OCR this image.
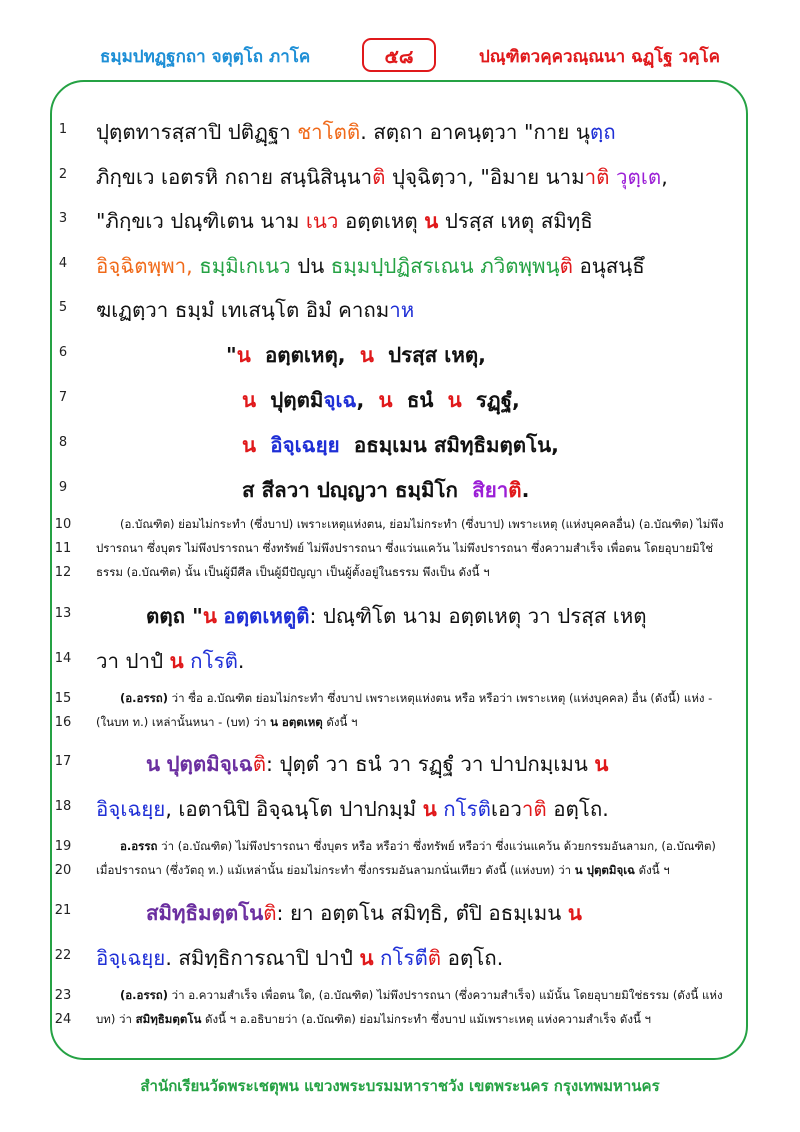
ธมฺมปทฏฺฐกถา จตุตฺโถ ภาโค	๕๘	ปณฺฑิตวคฺควณฺณนา ฉฏฺโฐ วคฺโค
1
2
3
4
5
6
7
8
9
10
11
12
13
14
15
16
17
18
19
20
21
22
23
24
ปุตฺตทารสฺสาปิ ปติฏฺฐา ชาโตติ. สตฺถา อาคนฺตฺวา "กาย นุตฺถ
ภิกฺขเว เอตรหิ กถาย สนฺนิสินฺนาติ ปุจฺฉิตฺวา, "อิมาย นามาติ วุตฺเต,
"ภิกฺขเว ปณฺฑิเตน นาม เนว อตฺตเหตุ น ปรสฺส เหตุ สมิทฺธิ
อิจฺฉิตพฺพา, ธมฺมิเกเนว ปน ธมฺมปฺปฏิสรเณน ภวิตพฺพนฺติ อนุสนฺธึ
ฆเฏตฺวา ธมฺมํ เทเสนฺโต อิมํ คาถมาห
"น อตฺตเหตุ, น ปรสฺส เหตุ,
น ปุตฺตมิจฺเฉ, น ธนํ น รฏฺฐํ,
น อิจฺเฉยฺย อธมฺเมน สมิทฺธิมตฺตโน,
ส สีลวา ปญฺญวา ธมฺมิโก สิยาติ.
(อ.บัณฑิต) ย่อมไม่กระทำ (ซึ่งบาป) เพราะเหตุแห่งตน, ย่อมไม่กระทำ (ซึ่งบาป) เพราะเหตุ (แห่งบุคคลอื่น) (อ.บัณฑิต) ไม่พึง
ปรารถนา ซึ่งบุตร ไม่พึงปรารถนา ซึ่งทรัพย์ ไม่พึงปรารถนา ซึ่งแว่นแคว้น ไม่พึงปรารถนา ซึ่งความสำเร็จ เพื่อตน โดยอุบายมิใช่
ธรรม (อ.บัณฑิต) นั้น เป็นผู้มีศีล เป็นผู้มีปัญญา เป็นผู้ตั้งอยู่ในธรรม พึงเป็น ดังนี้ ฯ
ตตฺถ "น อตฺตเหตูติ: ปณฺฑิโต นาม อตฺตเหตุ วา ปรสฺส เหตุ
วา ปาปํ น กโรติ.
(อ.อรรถ) ว่า ซื่อ อ.บัณฑิต ย่อมไม่กระทำ ซึ่งบาป เพราะเหตุแห่งตน หรือ หรือว่า เพราะเหตุ (แห่งบุคคล) อื่น (ดังนี้) แห่ง -
(ในบท ท.) เหล่านั้นหนา - (บท) ว่า น อตฺตเหตุ ดังนี้ ฯ
น ปุตฺตมิจฺเฉติ: ปุตฺตํ วา ธนํ วา รฏฺฐํ วา ปาปกมฺเมน น
อิจฺเฉยฺย, เอตานิปิ อิจฺฉนฺโต ปาปกมฺมํ น กโรติเอวาติ อตฺโถ.
อ.อรรถ ว่า (อ.บัณฑิต) ไม่พึงปรารถนา ซึ่งบุตร หรือ หรือว่า ซึ่งทรัพย์ หรือว่า ซึ่งแว่นแคว้น ด้วยกรรมอันลามก, (อ.บัณฑิต)
เมื่อปรารถนา (ซึ่งวัตถุ ท.) แม้เหล่านั้น ย่อมไม่กระทำ ซึ่งกรรมอันลามกนั่นเทียว ดังนี้ (แห่งบท) ว่า น ปุตฺตมิจฺเฉ ดังนี้ ฯ
สมิทฺธิมตฺตโนติ: ยา อตฺตโน สมิทฺธิ, ตํปิ อธมฺเมน น
อิจฺเฉยฺย. สมิทฺธิการณาปิ ปาปํ น กโรตีติ อตฺโถ.
(อ.อรรถ) ว่า อ.ความสำเร็จ เพื่อตน ใด, (อ.บัณฑิต) ไม่พึงปรารถนา (ซึ่งความสำเร็จ) แม้นั้น โดยอุบายมิใช่ธรรม (ดังนี้ แห่ง
บท) ว่า สมิทฺธิมตฺตโน ดังนี้ ฯ อ.อธิบายว่า (อ.บัณฑิต) ย่อมไม่กระทำ ซึ่งบาป แม้เพราะเหตุ แห่งความสำเร็จ ดังนี้ ฯ
สำนักเรียนวัดพระเชตุพน แขวงพระบรมมหาราชวัง เขตพระนคร กรุงเทพมหานคร
